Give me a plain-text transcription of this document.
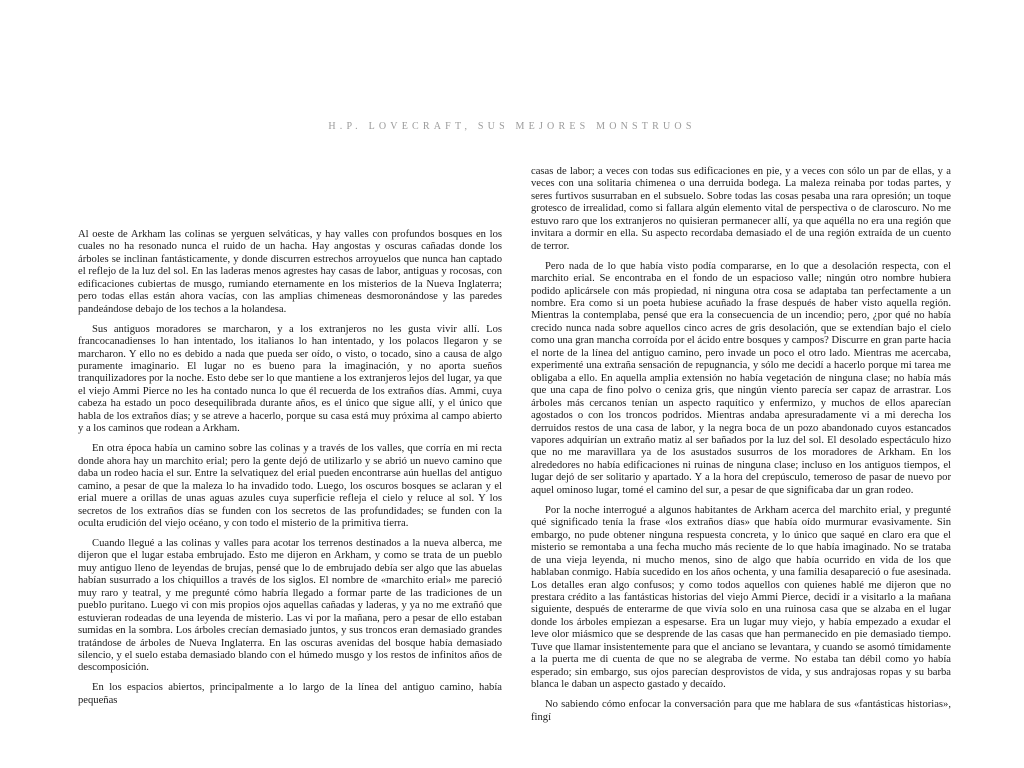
H.P. LOVECRAFT, SUS MEJORES MONSTRUOS

Al oeste de Arkham las colinas se yerguen selváticas, y hay valles con profundos bosques en los cuales no ha resonado nunca el ruido de un hacha. Hay angostas y oscuras cañadas donde los árboles se inclinan fantásticamente, y donde discurren estrechos arroyuelos que nunca han captado el reflejo de la luz del sol. En las laderas menos agrestes hay casas de labor, antiguas y rocosas, con edificaciones cubiertas de musgo, rumiando eternamente en los misterios de la Nueva Inglaterra; pero todas ellas están ahora vacías, con las amplias chimeneas desmoronándose y las paredes pandeándose debajo de los techos a la holandesa.

Sus antiguos moradores se marcharon, y a los extranjeros no les gusta vivir allí. Los francocanadienses lo han intentado, los italianos lo han intentado, y los polacos llegaron y se marcharon. Y ello no es debido a nada que pueda ser oído, o visto, o tocado, sino a causa de algo puramente imaginario. El lugar no es bueno para la imaginación, y no aporta sueños tranquilizadores por la noche. Esto debe ser lo que mantiene a los extranjeros lejos del lugar, ya que el viejo Ammi Pierce no les ha contado nunca lo que él recuerda de los extraños días. Ammi, cuya cabeza ha estado un poco desequilibrada durante años, es el único que sigue allí, y el único que habla de los extraños días; y se atreve a hacerlo, porque su casa está muy próxima al campo abierto y a los caminos que rodean a Arkham.

En otra época había un camino sobre las colinas y a través de los valles, que corría en mi recta donde ahora hay un marchito erial; pero la gente dejó de utilizarlo y se abrió un nuevo camino que daba un rodeo hacia el sur. Entre la selvatiquez del erial pueden encontrarse aún huellas del antiguo camino, a pesar de que la maleza lo ha invadido todo. Luego, los oscuros bosques se aclaran y el erial muere a orillas de unas aguas azules cuya superficie refleja el cielo y reluce al sol. Y los secretos de los extraños días se funden con los secretos de las profundidades; se funden con la oculta erudición del viejo océano, y con todo el misterio de la primitiva tierra.

Cuando llegué a las colinas y valles para acotar los terrenos destinados a la nueva alberca, me dijeron que el lugar estaba embrujado. Esto me dijeron en Arkham, y como se trata de un pueblo muy antiguo lleno de leyendas de brujas, pensé que lo de embrujado debía ser algo que las abuelas habían susurrado a los chiquillos a través de los siglos. El nombre de «marchito erial» me pareció muy raro y teatral, y me pregunté cómo habría llegado a formar parte de las tradiciones de un pueblo puritano. Luego vi con mis propios ojos aquellas cañadas y laderas, y ya no me extrañó que estuvieran rodeadas de una leyenda de misterio. Las vi por la mañana, pero a pesar de ello estaban sumidas en la sombra. Los árboles crecían demasiado juntos, y sus troncos eran demasiado grandes tratándose de árboles de Nueva Inglaterra. En las oscuras avenidas del bosque había demasiado silencio, y el suelo estaba demasiado blando con el húmedo musgo y los restos de infinitos años de descomposición.

En los espacios abiertos, principalmente a lo largo de la línea del antiguo camino, había pequeñas

casas de labor; a veces con todas sus edificaciones en pie, y a veces con sólo un par de ellas, y a veces con una solitaria chimenea o una derruida bodega. La maleza reinaba por todas partes, y seres furtivos susurraban en el subsuelo. Sobre todas las cosas pesaba una rara opresión; un toque grotesco de irrealidad, como si fallara algún elemento vital de perspectiva o de claroscuro. No me estuvo raro que los extranjeros no quisieran permanecer allí, ya que aquélla no era una región que invitara a dormir en ella. Su aspecto recordaba demasiado el de una región extraída de un cuento de terror.

Pero nada de lo que había visto podía compararse, en lo que a desolación respecta, con el marchito erial. Se encontraba en el fondo de un espacioso valle; ningún otro nombre hubiera podido aplicársele con más propiedad, ni ninguna otra cosa se adaptaba tan perfectamente a un nombre. Era como si un poeta hubiese acuñado la frase después de haber visto aquella región. Mientras la contemplaba, pensé que era la consecuencia de un incendio; pero, ¿por qué no había crecido nunca nada sobre aquellos cinco acres de gris desolación, que se extendían bajo el cielo como una gran mancha corroída por el ácido entre bosques y campos? Discurre en gran parte hacia el norte de la línea del antiguo camino, pero invade un poco el otro lado. Mientras me acercaba, experimenté una extraña sensación de repugnancia, y sólo me decidí a hacerlo porque mi tarea me obligaba a ello. En aquella amplia extensión no había vegetación de ninguna clase; no había más que una capa de fino polvo o ceniza gris, que ningún viento parecía ser capaz de arrastrar. Los árboles más cercanos tenían un aspecto raquítico y enfermizo, y muchos de ellos aparecían agostados o con los troncos podridos. Mientras andaba apresuradamente vi a mi derecha los derruidos restos de una casa de labor, y la negra boca de un pozo abandonado cuyos estancados vapores adquirían un extraño matiz al ser bañados por la luz del sol. El desolado espectáculo hizo que no me maravillara ya de los asustados susurros de los moradores de Arkham. En los alrededores no había edificaciones ni ruinas de ninguna clase; incluso en los antiguos tiempos, el lugar dejó de ser solitario y apartado. Y a la hora del crepúsculo, temeroso de pasar de nuevo por aquel ominoso lugar, tomé el camino del sur, a pesar de que significaba dar un gran rodeo.

Por la noche interrogué a algunos habitantes de Arkham acerca del marchito erial, y pregunté qué significado tenía la frase «los extraños días» que había oído murmurar evasivamente. Sin embargo, no pude obtener ninguna respuesta concreta, y lo único que saqué en claro era que el misterio se remontaba a una fecha mucho más reciente de lo que había imaginado. No se trataba de una vieja leyenda, ni mucho menos, sino de algo que había ocurrido en vida de los que hablaban conmigo. Había sucedido en los años ochenta, y una familia desapareció o fue asesinada. Los detalles eran algo confusos; y como todos aquellos con quienes hablé me dijeron que no prestara crédito a las fantásticas historias del viejo Ammi Pierce, decidí ir a visitarlo a la mañana siguiente, después de enterarme de que vivía solo en una ruinosa casa que se alzaba en el lugar donde los árboles empiezan a espesarse. Era un lugar muy viejo, y había empezado a exudar el leve olor miásmico que se desprende de las casas que han permanecido en pie demasiado tiempo. Tuve que llamar insistentemente para que el anciano se levantara, y cuando se asomó tímidamente a la puerta me di cuenta de que no se alegraba de verme. No estaba tan débil como yo había esperado; sin embargo, sus ojos parecían desprovistos de vida, y sus andrajosas ropas y su barba blanca le daban un aspecto gastado y decaído.

No sabiendo cómo enfocar la conversación para que me hablara de sus «fantásticas historias», fingí
